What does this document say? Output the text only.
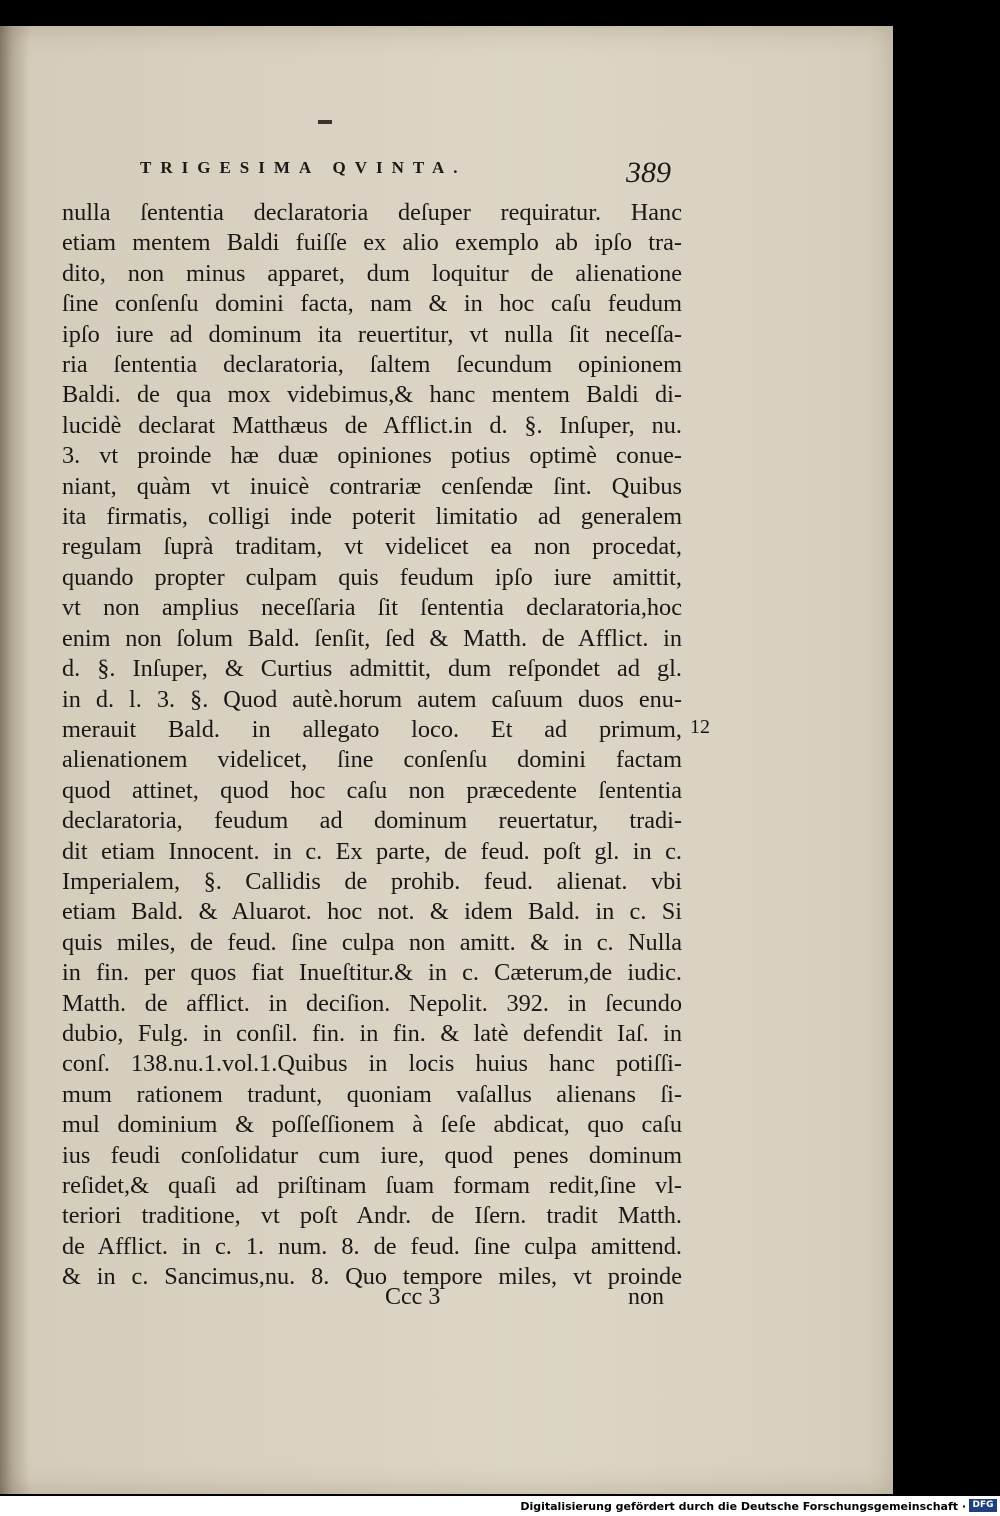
TRIGESIMA QVINTA.	389
nulla ſententia declaratoria deſuper requiratur. Hanc
etiam mentem Baldi fuiſſe ex alio exemplo ab ipſo tra-
dito, non minus apparet, dum loquitur de alienatione
ſine conſenſu domini facta, nam & in hoc caſu feudum
ipſo iure ad dominum ita reuertitur, vt nulla ſit neceſſa-
ria ſententia declaratoria, ſaltem ſecundum opinionem
Baldi. de qua mox videbimus,& hanc mentem Baldi di-
lucidè declarat Matthæus de Afflict.in d. §. Inſuper, nu.
3. vt proinde hæ duæ opiniones potius optimè conue-
niant, quàm vt inuicè contrariæ cenſendæ ſint. Quibus
ita firmatis, colligi inde poterit limitatio ad generalem
regulam ſuprà traditam, vt videlicet ea non procedat,
quando propter culpam quis feudum ipſo iure amittit,
vt non amplius neceſſaria ſit ſententia declaratoria,hoc
enim non ſolum Bald. ſenſit, ſed & Matth. de Afflict. in
d. §. Inſuper, & Curtius admittit, dum reſpondet ad gl.
in d. l. 3. §. Quod autè.horum autem caſuum duos enu-
merauit Bald. in allegato loco. Et ad primum,
alienationem videlicet, ſine conſenſu domini factam
quod attinet, quod hoc caſu non præcedente ſententia
declaratoria, feudum ad dominum reuertatur, tradi-
dit etiam Innocent. in c. Ex parte, de feud. poſt gl. in c.
Imperialem, §. Callidis de prohib. feud. alienat. vbi
etiam Bald. & Aluarot. hoc not. & idem Bald. in c. Si
quis miles, de feud. ſine culpa non amitt. & in c. Nulla
in fin. per quos fiat Inueſtitur.& in c. Cæterum,de iudic.
Matth. de afflict. in deciſion. Nepolit. 392. in ſecundo
dubio, Fulg. in conſil. fin. in fin. & latè defendit Iaſ. in
conſ. 138.nu.1.vol.1.Quibus in locis huius hanc potiſſi-
mum rationem tradunt, quoniam vaſallus alienans ſi-
mul dominium & poſſeſſionem à ſeſe abdicat, quo caſu
ius feudi conſolidatur cum iure, quod penes dominum
reſidet,& quaſi ad priſtinam ſuam formam redit,ſine vl-
teriori traditione, vt poſt Andr. de Iſern. tradit Matth.
de Afflict. in c. 1. num. 8. de feud. ſine culpa amittend.
& in c. Sancimus,nu. 8. Quo tempore miles, vt proinde
12
Ccc 3	non
Digitalisierung gefördert durch die Deutsche Forschungsgemeinschaft · DFG
